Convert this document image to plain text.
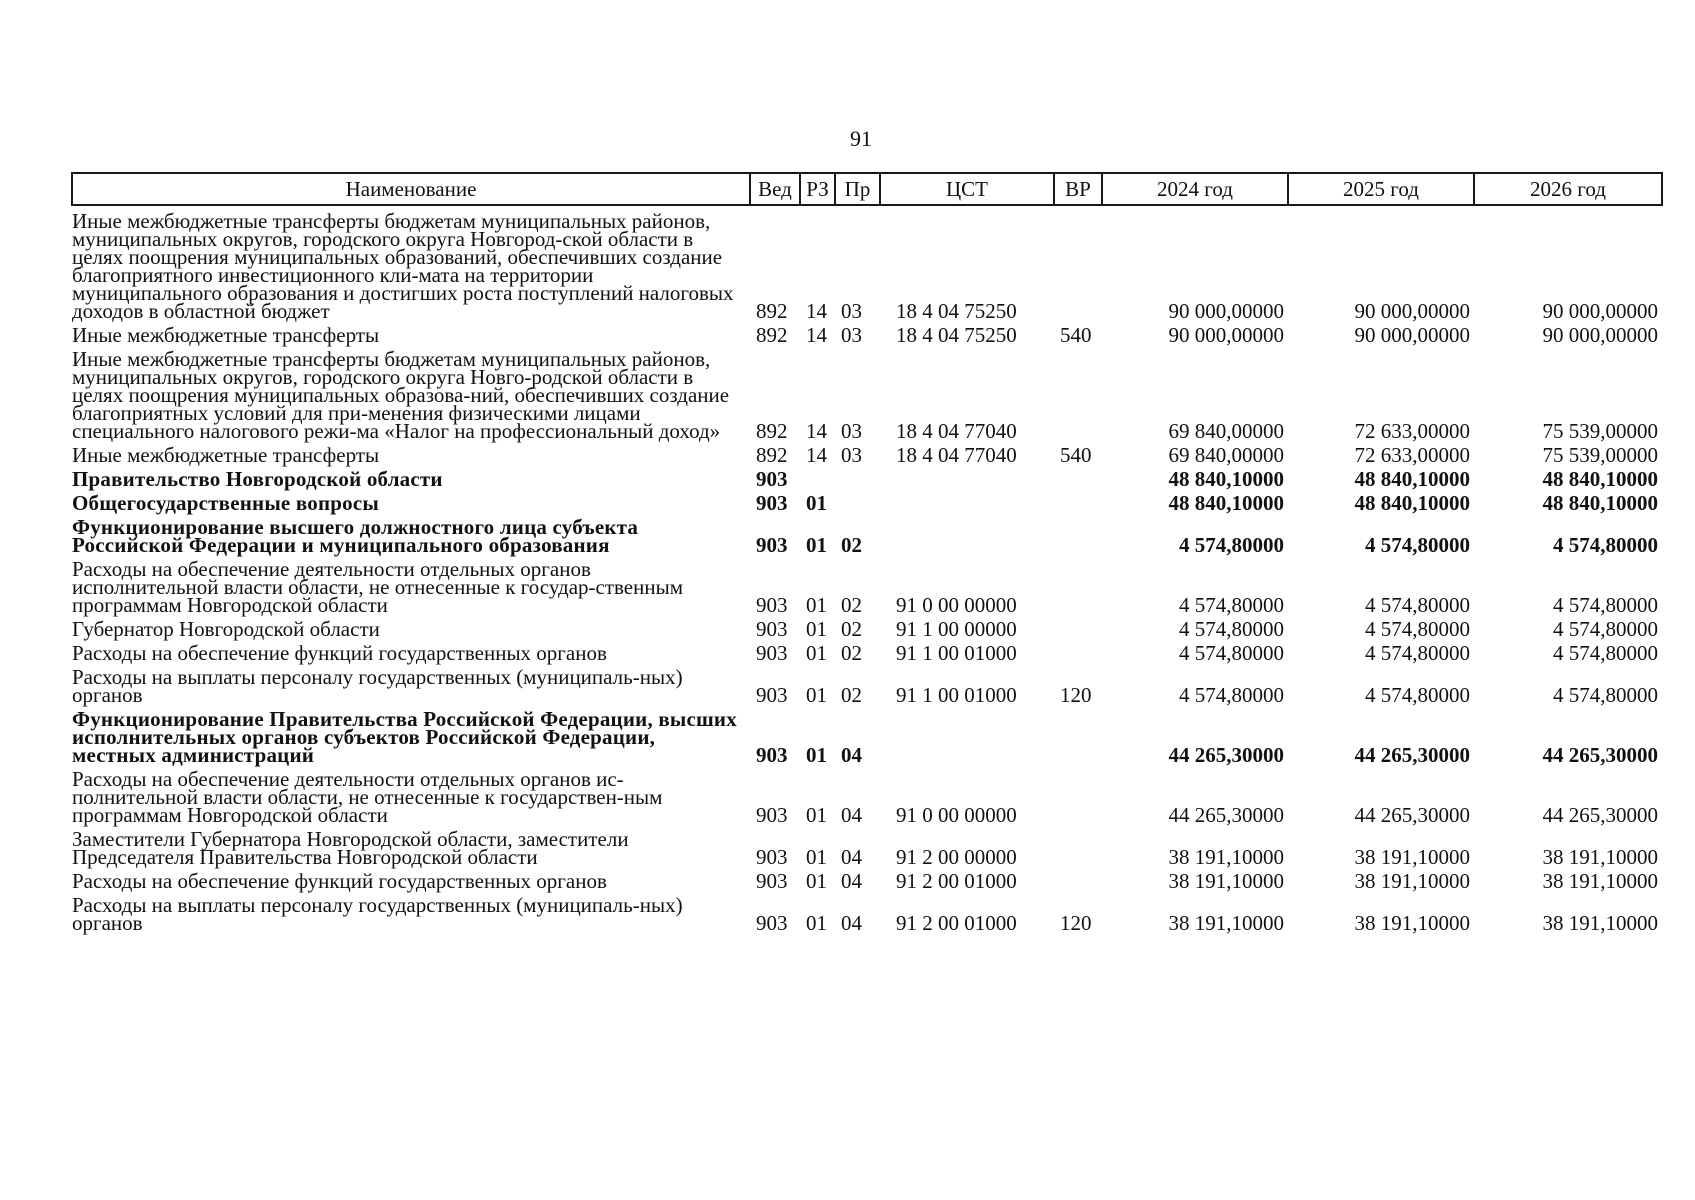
91
Наименование	Вед	РЗ	Пр	ЦСТ	ВР	2024 год	2025 год	2026 год
Иные межбюджетные трансферты бюджетам муниципальных районов, муниципальных округов, городского округа Новгород-ской области в целях поощрения муниципальных образований, обеспечивших создание благоприятного инвестиционного кли-мата на территории муниципального образования и достигших роста поступлений налоговых доходов в областной бюджет	892	14	03	18 4 04 75250		90 000,00000	90 000,00000	90 000,00000
Иные межбюджетные трансферты	892	14	03	18 4 04 75250	540	90 000,00000	90 000,00000	90 000,00000
Иные межбюджетные трансферты бюджетам муниципальных районов, муниципальных округов, городского округа Новго-родской области в целях поощрения муниципальных образова-ний, обеспечивших создание благоприятных условий для при-менения физическими лицами специального налогового режи-ма «Налог на профессиональный доход»	892	14	03	18 4 04 77040		69 840,00000	72 633,00000	75 539,00000
Иные межбюджетные трансферты	892	14	03	18 4 04 77040	540	69 840,00000	72 633,00000	75 539,00000
Правительство Новгородской области	903					48 840,10000	48 840,10000	48 840,10000
Общегосударственные вопросы	903	01				48 840,10000	48 840,10000	48 840,10000
Функционирование высшего должностного лица субъекта Российской Федерации и муниципального образования	903	01	02			4 574,80000	4 574,80000	4 574,80000
Расходы на обеспечение деятельности отдельных органов исполнительной власти области, не отнесенные к государ-ственным программам Новгородской области	903	01	02	91 0 00 00000		4 574,80000	4 574,80000	4 574,80000
Губернатор Новгородской области	903	01	02	91 1 00 00000		4 574,80000	4 574,80000	4 574,80000
Расходы на обеспечение функций государственных органов	903	01	02	91 1 00 01000		4 574,80000	4 574,80000	4 574,80000
Расходы на выплаты персоналу государственных (муниципаль-ных) органов	903	01	02	91 1 00 01000	120	4 574,80000	4 574,80000	4 574,80000
Функционирование Правительства Российской Федерации, высших исполнительных органов субъектов Российской Федерации, местных администраций	903	01	04			44 265,30000	44 265,30000	44 265,30000
Расходы на обеспечение деятельности отдельных органов ис-полнительной власти области, не отнесенные к государствен-ным программам Новгородской области	903	01	04	91 0 00 00000		44 265,30000	44 265,30000	44 265,30000
Заместители Губернатора Новгородской области, заместители Председателя Правительства Новгородской области	903	01	04	91 2 00 00000		38 191,10000	38 191,10000	38 191,10000
Расходы на обеспечение функций государственных органов	903	01	04	91 2 00 01000		38 191,10000	38 191,10000	38 191,10000
Расходы на выплаты персоналу государственных (муниципаль-ных) органов	903	01	04	91 2 00 01000	120	38 191,10000	38 191,10000	38 191,10000
